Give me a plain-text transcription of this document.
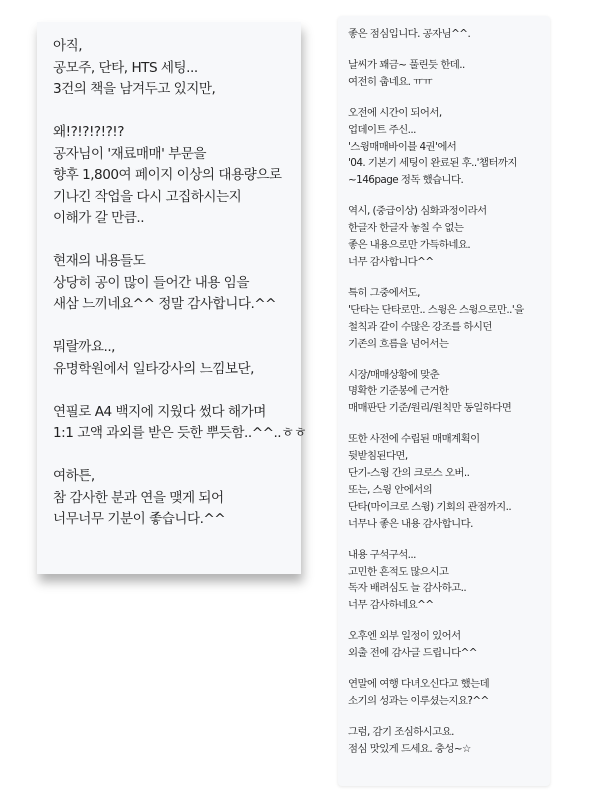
아직,
공모주, 단타, HTS 세팅...
3건의 책을 남겨두고 있지만,
왜!?!?!?!?!?
공자님이 '재료매매' 부문을
향후 1,800여 페이지 이상의 대용량으로
기나긴 작업을 다시 고집하시는지
이해가 갈 만큼..
현재의 내용들도
상당히 공이 많이 들어간 내용 임을
새삼 느끼네요^^ 정말 감사합니다.^^
뭐랄까요..,
유명학원에서 일타강사의 느낌보단,
연필로 A4 백지에 지웠다 썼다 해가며
1:1 고액 과외를 받은 듯한 뿌듯함..^^..ㅎㅎ
여하튼,
참 감사한 분과 연을 맺게 되어
너무너무 기분이 좋습니다.^^
좋은 점심입니다. 공자님^^.
날씨가 꽤금~ 풀린듯 한데..
여전히 춥네요. ㅠㅠ
오전에 시간이 되어서,
업데이트 주신...
'스윙매매바이블 4권'에서
'04. 기본기 세팅이 완료된 후..'챕터까지
~146page 정독 했습니다.
역시, (중급이상) 심화과정이라서
한글자 한글자 놓칠 수 없는
좋은 내용으로만 가득하네요.
너무 감사합니다^^
특히 그중에서도,
'단타는 단타로만.. 스윙은 스윙으로만..'을
철칙과 같이 수많은 강조를 하시던
기존의 흐름을 넘어서는
시장/매매상황에 맞춘
명확한 기준봉에 근거한
매매판단 기준/원리/원칙만 동일하다면
또한 사전에 수립된 매매계획이
뒷받침된다면,
단기-스윙 간의 크로스 오버..
또는, 스윙 안에서의
단타(마이크로 스윙) 기회의 관점까지..
너무나 좋은 내용 감사합니다.
내용 구석구석...
고민한 흔적도 많으시고
독자 배려심도 늘 감사하고..
너무 감사하네요^^
오후엔 외부 일정이 있어서
외출 전에 감사글 드립니다^^
연말에 여행 다녀오신다고 했는데
소기의 성과는 이루셨는지요?^^
그럼, 감기 조심하시고요.
점심 맛있게 드세요. 충성~☆
